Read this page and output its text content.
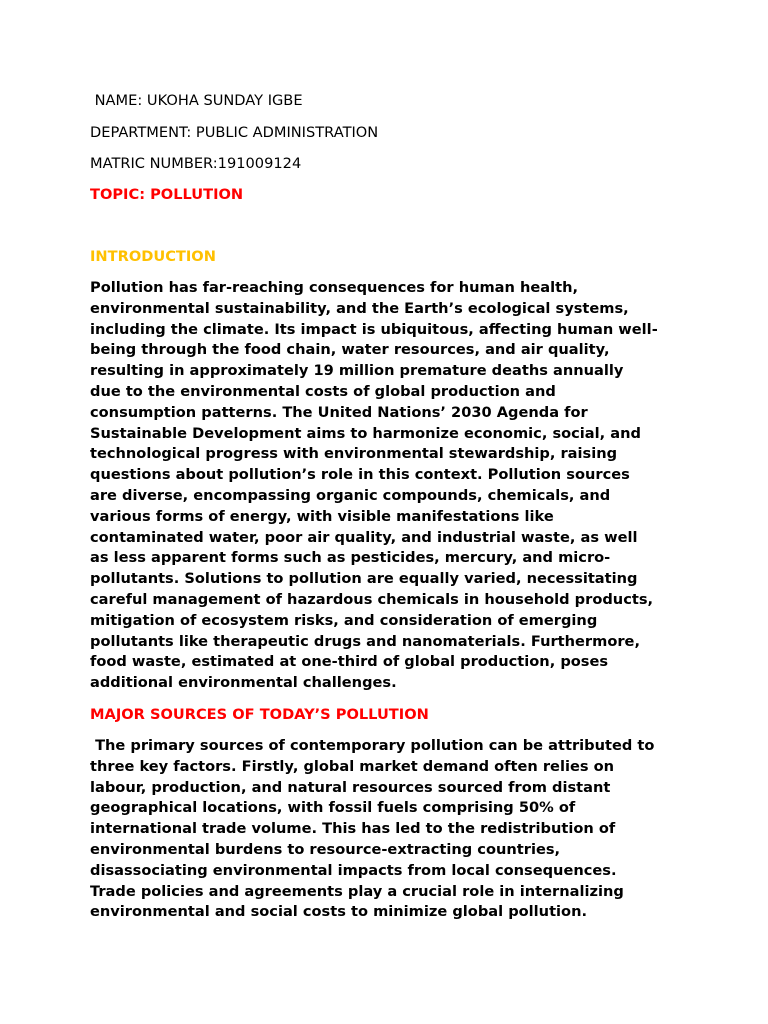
NAME: UKOHA SUNDAY IGBE

DEPARTMENT: PUBLIC ADMINISTRATION

MATRIC NUMBER:191009124

TOPIC: POLLUTION

INTRODUCTION

Pollution has far-reaching consequences for human health,
environmental sustainability, and the Earth’s ecological systems,
including the climate. Its impact is ubiquitous, affecting human well-
being through the food chain, water resources, and air quality,
resulting in approximately 19 million premature deaths annually
due to the environmental costs of global production and
consumption patterns. The United Nations’ 2030 Agenda for
Sustainable Development aims to harmonize economic, social, and
technological progress with environmental stewardship, raising
questions about pollution’s role in this context. Pollution sources
are diverse, encompassing organic compounds, chemicals, and
various forms of energy, with visible manifestations like
contaminated water, poor air quality, and industrial waste, as well
as less apparent forms such as pesticides, mercury, and micro-
pollutants. Solutions to pollution are equally varied, necessitating
careful management of hazardous chemicals in household products,
mitigation of ecosystem risks, and consideration of emerging
pollutants like therapeutic drugs and nanomaterials. Furthermore,
food waste, estimated at one-third of global production, poses
additional environmental challenges.

MAJOR SOURCES OF TODAY’S POLLUTION

The primary sources of contemporary pollution can be attributed to
three key factors. Firstly, global market demand often relies on
labour, production, and natural resources sourced from distant
geographical locations, with fossil fuels comprising 50% of
international trade volume. This has led to the redistribution of
environmental burdens to resource-extracting countries,
disassociating environmental impacts from local consequences.
Trade policies and agreements play a crucial role in internalizing
environmental and social costs to minimize global pollution.
